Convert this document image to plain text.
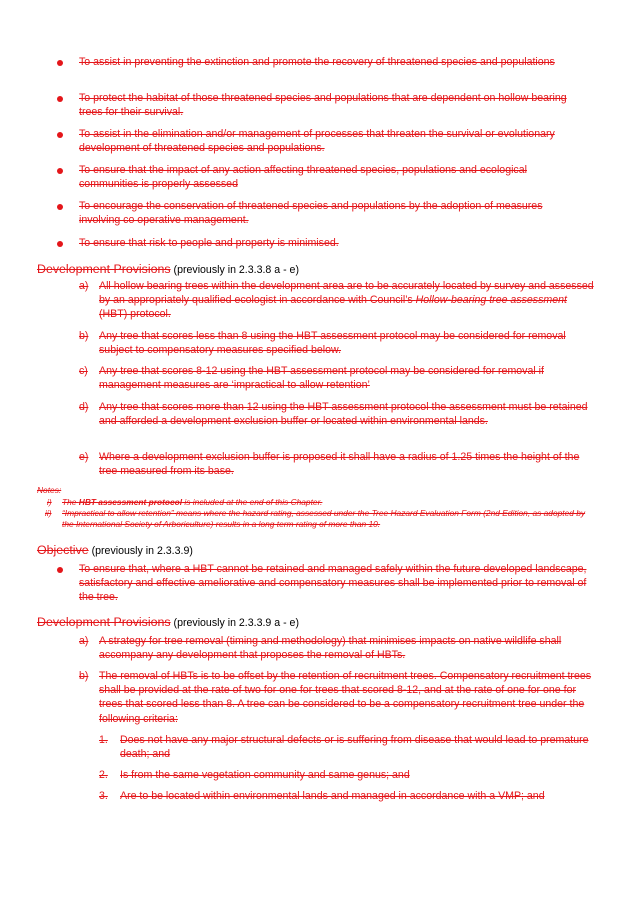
To assist in preventing the extinction and promote the recovery of threatened species and populations
To protect the habitat of those threatened species and populations that are dependent on hollow bearing trees for their survival.
To assist in the elimination and/or management of processes that threaten the survival or evolutionary development of threatened species and populations.
To ensure that the impact of any action affecting threatened species, populations and ecological communities is properly assessed
To encourage the conservation of threatened species and populations by the adoption of measures involving co operative management.
To ensure that risk to people and property is minimised.
Development Provisions (previously in 2.3.3.8 a - e)
a) All hollow bearing trees within the development area are to be accurately located by survey and assessed by an appropriately qualified ecologist in accordance with Council’s Hollow-bearing tree assessment (HBT) protocol.
b) Any tree that scores less than 8 using the HBT assessment protocol may be considered for removal subject to compensatory measures specified below.
c) Any tree that scores 8-12 using the HBT assessment protocol may be considered for removal if management measures are ‘impractical to allow retention’
d) Any tree that scores more than 12 using the HBT assessment protocol the assessment must be retained and afforded a development exclusion buffer or located within environmental lands.
e) Where a development exclusion buffer is proposed it shall have a radius of 1.25 times the height of the tree measured from its base.
Notes:
i) The HBT assessment protocol is included at the end of this Chapter.
ii) “Impractical to allow retention” means where the hazard rating, assessed under the Tree Hazard Evaluation Form (2nd Edition, as adopted by the International Society of Arboriculture) results in a long term rating of more than 10.
Objective (previously in 2.3.3.9)
To ensure that, where a HBT cannot be retained and managed safely within the future developed landscape, satisfactory and effective ameliorative and compensatory measures shall be implemented prior to removal of the tree.
Development Provisions (previously in 2.3.3.9 a - e)
a) A strategy for tree removal (timing and methodology) that minimises impacts on native wildlife shall accompany any development that proposes the removal of HBTs.
b) The removal of HBTs is to be offset by the retention of recruitment trees. Compensatory recruitment trees shall be provided at the rate of two for one for trees that scored 8-12, and at the rate of one for one for trees that scored less than 8. A tree can be considered to be a compensatory recruitment tree under the following criteria:
1. Does not have any major structural defects or is suffering from disease that would lead to premature death; and
2. Is from the same vegetation community and same genus; and
3. Are to be located within environmental lands and managed in accordance with a VMP; and
